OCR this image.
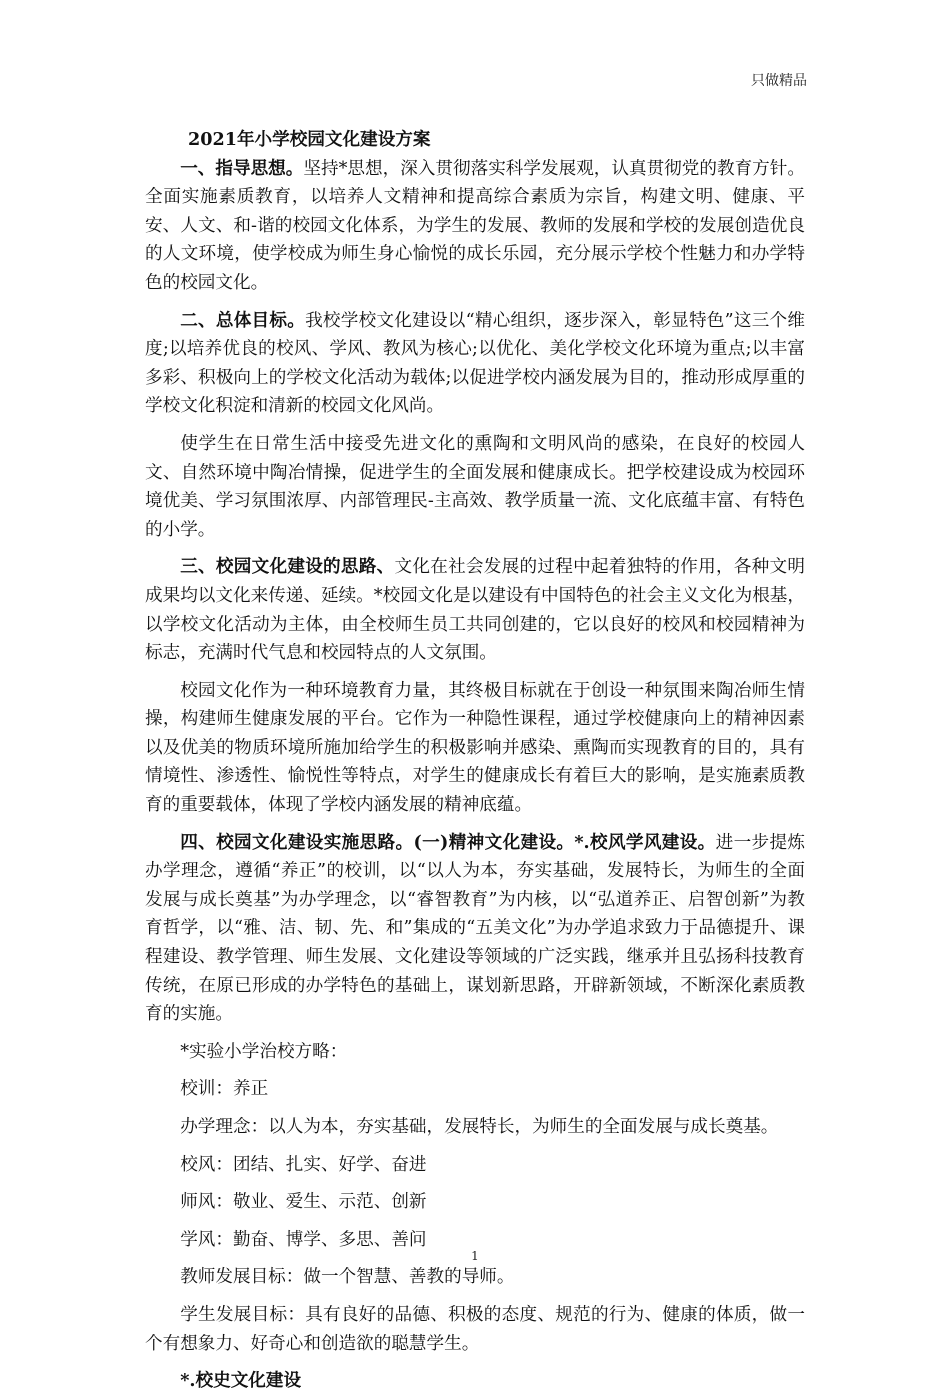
只做精品

2021年小学校园文化建设方案

一、指导思想。坚持*思想，深入贯彻落实科学发展观，认真贯彻党的教育方针。全面实施素质教育，以培养人文精神和提高综合素质为宗旨，构建文明、健康、平安、人文、和-谐的校园文化体系，为学生的发展、教师的发展和学校的发展创造优良的人文环境，使学校成为师生身心愉悦的成长乐园，充分展示学校个性魅力和办学特色的校园文化。

二、总体目标。我校学校文化建设以“精心组织，逐步深入，彰显特色”这三个维度;以培养优良的校风、学风、教风为核心;以优化、美化学校文化环境为重点;以丰富多彩、积极向上的学校文化活动为载体;以促进学校内涵发展为目的，推动形成厚重的学校文化积淀和清新的校园文化风尚。

使学生在日常生活中接受先进文化的熏陶和文明风尚的感染，在良好的校园人文、自然环境中陶冶情操，促进学生的全面发展和健康成长。把学校建设成为校园环境优美、学习氛围浓厚、内部管理民-主高效、教学质量一流、文化底蕴丰富、有特色的小学。

三、校园文化建设的思路、文化在社会发展的过程中起着独特的作用，各种文明成果均以文化来传递、延续。*校园文化是以建设有中国特色的社会主义文化为根基，以学校文化活动为主体，由全校师生员工共同创建的，它以良好的校风和校园精神为标志，充满时代气息和校园特点的人文氛围。

校园文化作为一种环境教育力量，其终极目标就在于创设一种氛围来陶冶师生情操，构建师生健康发展的平台。它作为一种隐性课程，通过学校健康向上的精神因素以及优美的物质环境所施加给学生的积极影响并感染、熏陶而实现教育的目的，具有情境性、渗透性、愉悦性等特点，对学生的健康成长有着巨大的影响，是实施素质教育的重要载体，体现了学校内涵发展的精神底蕴。

四、校园文化建设实施思路。(一)精神文化建设。*.校风学风建设。进一步提炼办学理念，遵循“养正”的校训，以“以人为本，夯实基础，发展特长，为师生的全面发展与成长奠基”为办学理念，以“睿智教育”为内核，以“弘道养正、启智创新”为教育哲学，以“雅、洁、韧、先、和”集成的“五美文化”为办学追求致力于品德提升、课程建设、教学管理、师生发展、文化建设等领域的广泛实践，继承并且弘扬科技教育传统，在原已形成的办学特色的基础上，谋划新思路，开辟新领域，不断深化素质教育的实施。

*实验小学治校方略：

校训：养正

办学理念：以人为本，夯实基础，发展特长，为师生的全面发展与成长奠基。

校风：团结、扎实、好学、奋进

师风：敬业、爱生、示范、创新

学风：勤奋、博学、多思、善问

教师发展目标：做一个智慧、善教的导师。

学生发展目标：具有良好的品德、积极的态度、规范的行为、健康的体质，做一个有想象力、好奇心和创造欲的聪慧学生。

*.校史文化建设

1
